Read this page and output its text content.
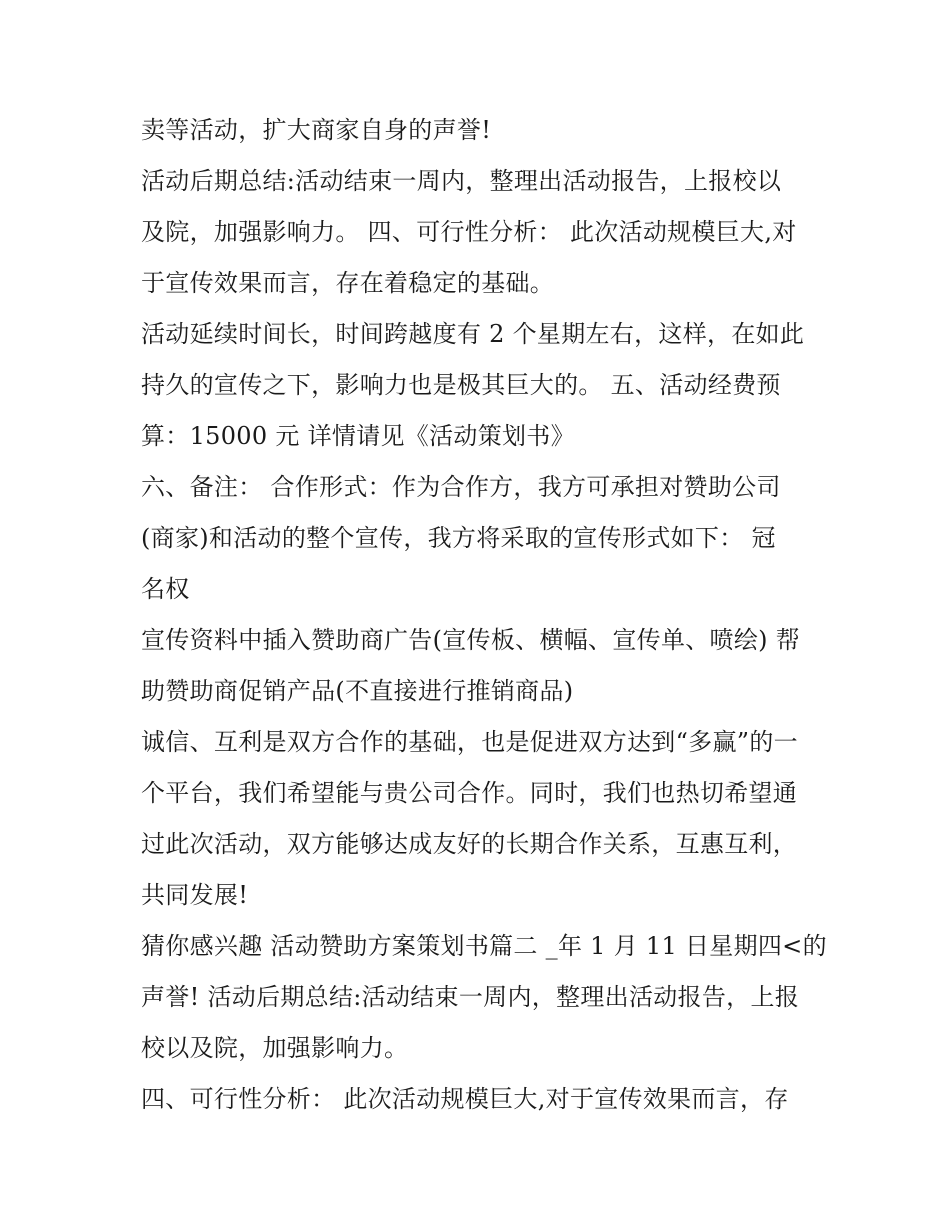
卖等活动，扩大商家自身的声誉!
活动后期总结:活动结束一周内，整理出活动报告，上报校以
及院，加强影响力。 四、可行性分析： 此次活动规模巨大,对
于宣传效果而言，存在着稳定的基础。
活动延续时间长，时间跨越度有 2 个星期左右，这样，在如此
持久的宣传之下，影响力也是极其巨大的。 五、活动经费预
算：15000 元 详情请见《活动策划书》
六、备注： 合作形式：作为合作方，我方可承担对赞助公司
(商家)和活动的整个宣传，我方将采取的宣传形式如下： 冠
名权
宣传资料中插入赞助商广告(宣传板、横幅、宣传单、喷绘) 帮
助赞助商促销产品(不直接进行推销商品)
诚信、互利是双方合作的基础，也是促进双方达到“多赢”的一
个平台，我们希望能与贵公司合作。同时，我们也热切希望通
过此次活动，双方能够达成友好的长期合作关系，互惠互利，
共同发展!
猜你感兴趣 活动赞助方案策划书篇二 _年 1 月 11 日星期四<的
声誉! 活动后期总结:活动结束一周内，整理出活动报告，上报
校以及院，加强影响力。
四、可行性分析： 此次活动规模巨大,对于宣传效果而言，存
